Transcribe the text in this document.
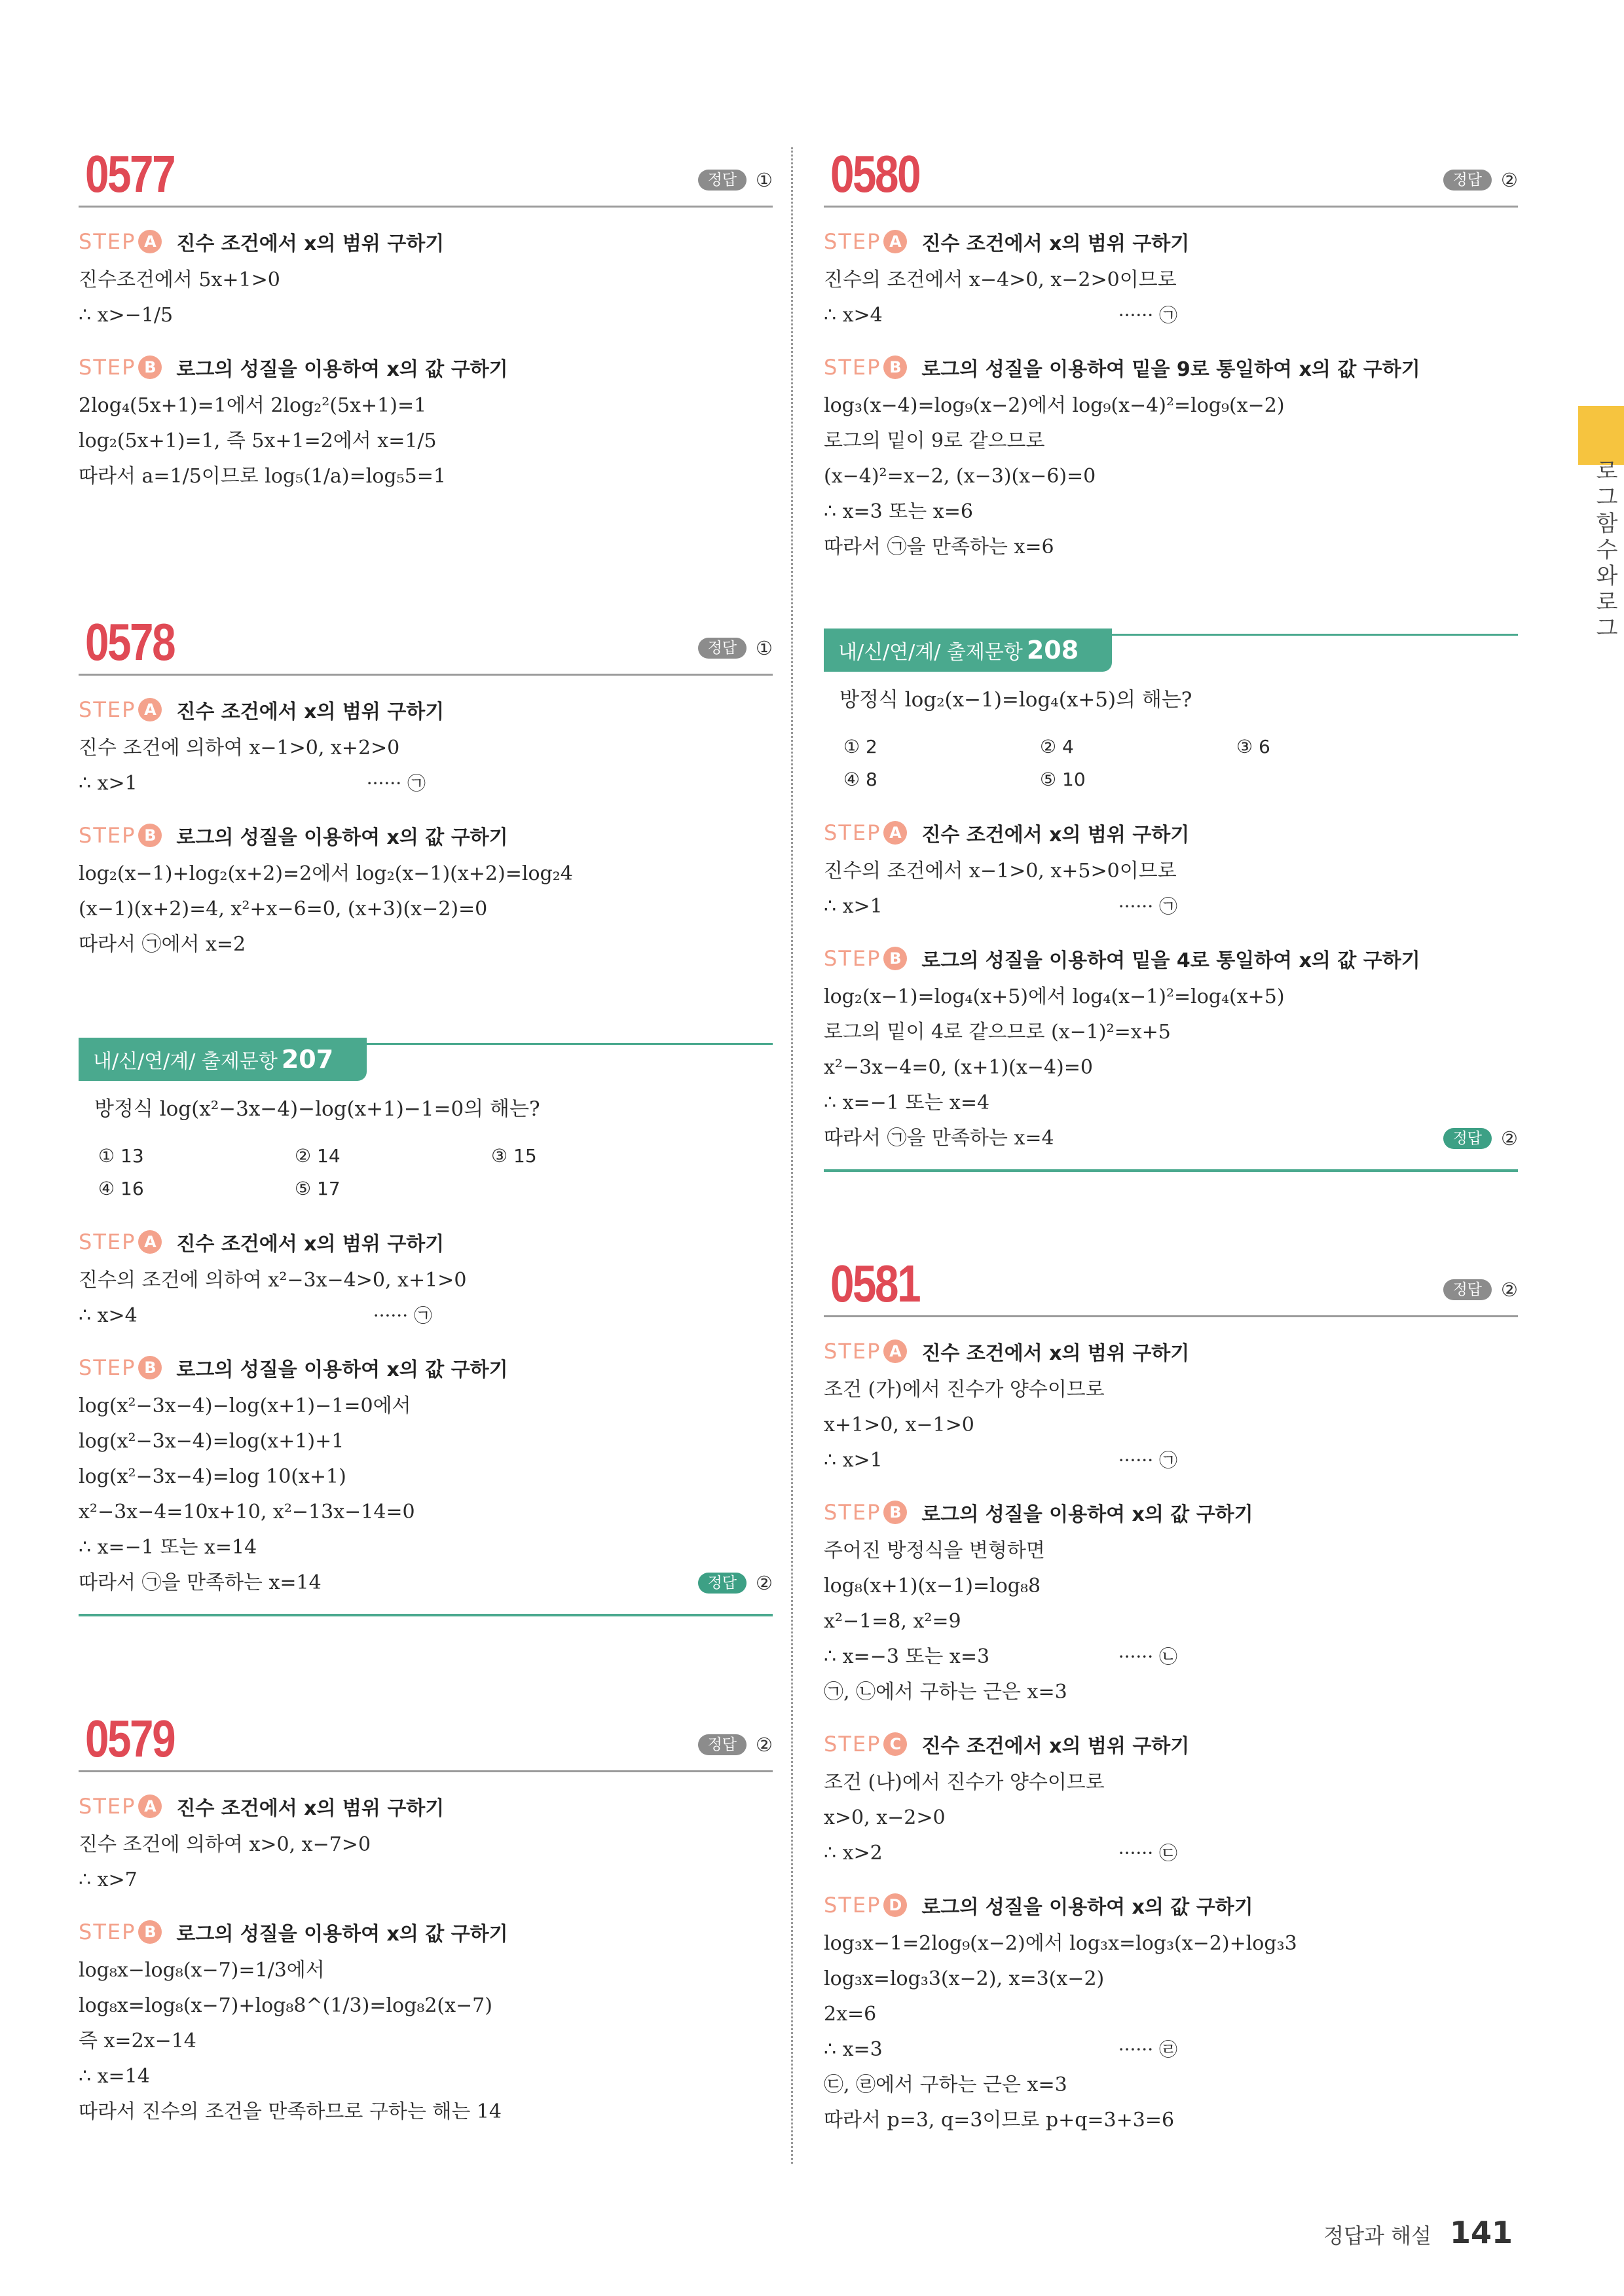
로
그
함
수
와
로
그
0577	정답	①
STEP A 진수 조건에서 x의 범위 구하기
진수조건에서 5x+1>0
∴ x>−1/5
STEP B 로그의 성질을 이용하여 x의 값 구하기
2log₄(5x+1)=1에서 2log₂²(5x+1)=1
log₂(5x+1)=1, 즉 5x+1=2에서 x=1/5
따라서 a=1/5이므로 log₅(1/a)=log₅5=1
0578	정답	①
STEP A 진수 조건에서 x의 범위 구하기
진수 조건에 의하여 x−1>0, x+2>0
∴ x>1	······ ㉠
STEP B 로그의 성질을 이용하여 x의 값 구하기
log₂(x−1)+log₂(x+2)=2에서 log₂(x−1)(x+2)=log₂4
(x−1)(x+2)=4, x²+x−6=0, (x+3)(x−2)=0
따라서 ㉠에서 x=2
내/신/연/계/ 출제문항 207
방정식 log(x²−3x−4)−log(x+1)−1=0의 해는?
① 13	② 14	③ 15
④ 16	⑤ 17
STEP A 진수 조건에서 x의 범위 구하기
진수의 조건에 의하여 x²−3x−4>0, x+1>0
∴ x>4	······ ㉠
STEP B 로그의 성질을 이용하여 x의 값 구하기
log(x²−3x−4)−log(x+1)−1=0에서
log(x²−3x−4)=log(x+1)+1
log(x²−3x−4)=log 10(x+1)
x²−3x−4=10x+10, x²−13x−14=0
∴ x=−1 또는 x=14
따라서 ㉠을 만족하는 x=14	정답	②
0579	정답	②
STEP A 진수 조건에서 x의 범위 구하기
진수 조건에 의하여 x>0, x−7>0
∴ x>7
STEP B 로그의 성질을 이용하여 x의 값 구하기
log₈x−log₈(x−7)=1/3에서
log₈x=log₈(x−7)+log₈8^(1/3)=log₈2(x−7)
즉 x=2x−14
∴ x=14
따라서 진수의 조건을 만족하므로 구하는 해는 14
0580	정답	②
STEP A 진수 조건에서 x의 범위 구하기
진수의 조건에서 x−4>0, x−2>0이므로
∴ x>4	······ ㉠
STEP B 로그의 성질을 이용하여 밑을 9로 통일하여 x의 값 구하기
log₃(x−4)=log₉(x−2)에서 log₉(x−4)²=log₉(x−2)
로그의 밑이 9로 같으므로
(x−4)²=x−2, (x−3)(x−6)=0
∴ x=3 또는 x=6
따라서 ㉠을 만족하는 x=6
내/신/연/계/ 출제문항 208
방정식 log₂(x−1)=log₄(x+5)의 해는?
① 2	② 4	③ 6
④ 8	⑤ 10
STEP A 진수 조건에서 x의 범위 구하기
진수의 조건에서 x−1>0, x+5>0이므로
∴ x>1	······ ㉠
STEP B 로그의 성질을 이용하여 밑을 4로 통일하여 x의 값 구하기
log₂(x−1)=log₄(x+5)에서 log₄(x−1)²=log₄(x+5)
로그의 밑이 4로 같으므로 (x−1)²=x+5
x²−3x−4=0, (x+1)(x−4)=0
∴ x=−1 또는 x=4
따라서 ㉠을 만족하는 x=4	정답	②
0581	정답	②
STEP A 진수 조건에서 x의 범위 구하기
조건 (가)에서 진수가 양수이므로
x+1>0, x−1>0
∴ x>1	······ ㉠
STEP B 로그의 성질을 이용하여 x의 값 구하기
주어진 방정식을 변형하면
log₈(x+1)(x−1)=log₈8
x²−1=8, x²=9
∴ x=−3 또는 x=3	······ ㉡
㉠, ㉡에서 구하는 근은 x=3
STEP C	진수 조건에서 x의 범위 구하기
조건 (나)에서 진수가 양수이므로
x>0, x−2>0
∴ x>2	······ ㉢
STEP D 로그의 성질을 이용하여 x의 값 구하기
log₃x−1=2log₉(x−2)에서 log₃x=log₃(x−2)+log₃3
log₃x=log₃3(x−2), x=3(x−2)
2x=6
∴ x=3	······ ㉣
㉢, ㉣에서 구하는 근은 x=3
따라서 p=3, q=3이므로 p+q=3+3=6
정답과 해설 141
